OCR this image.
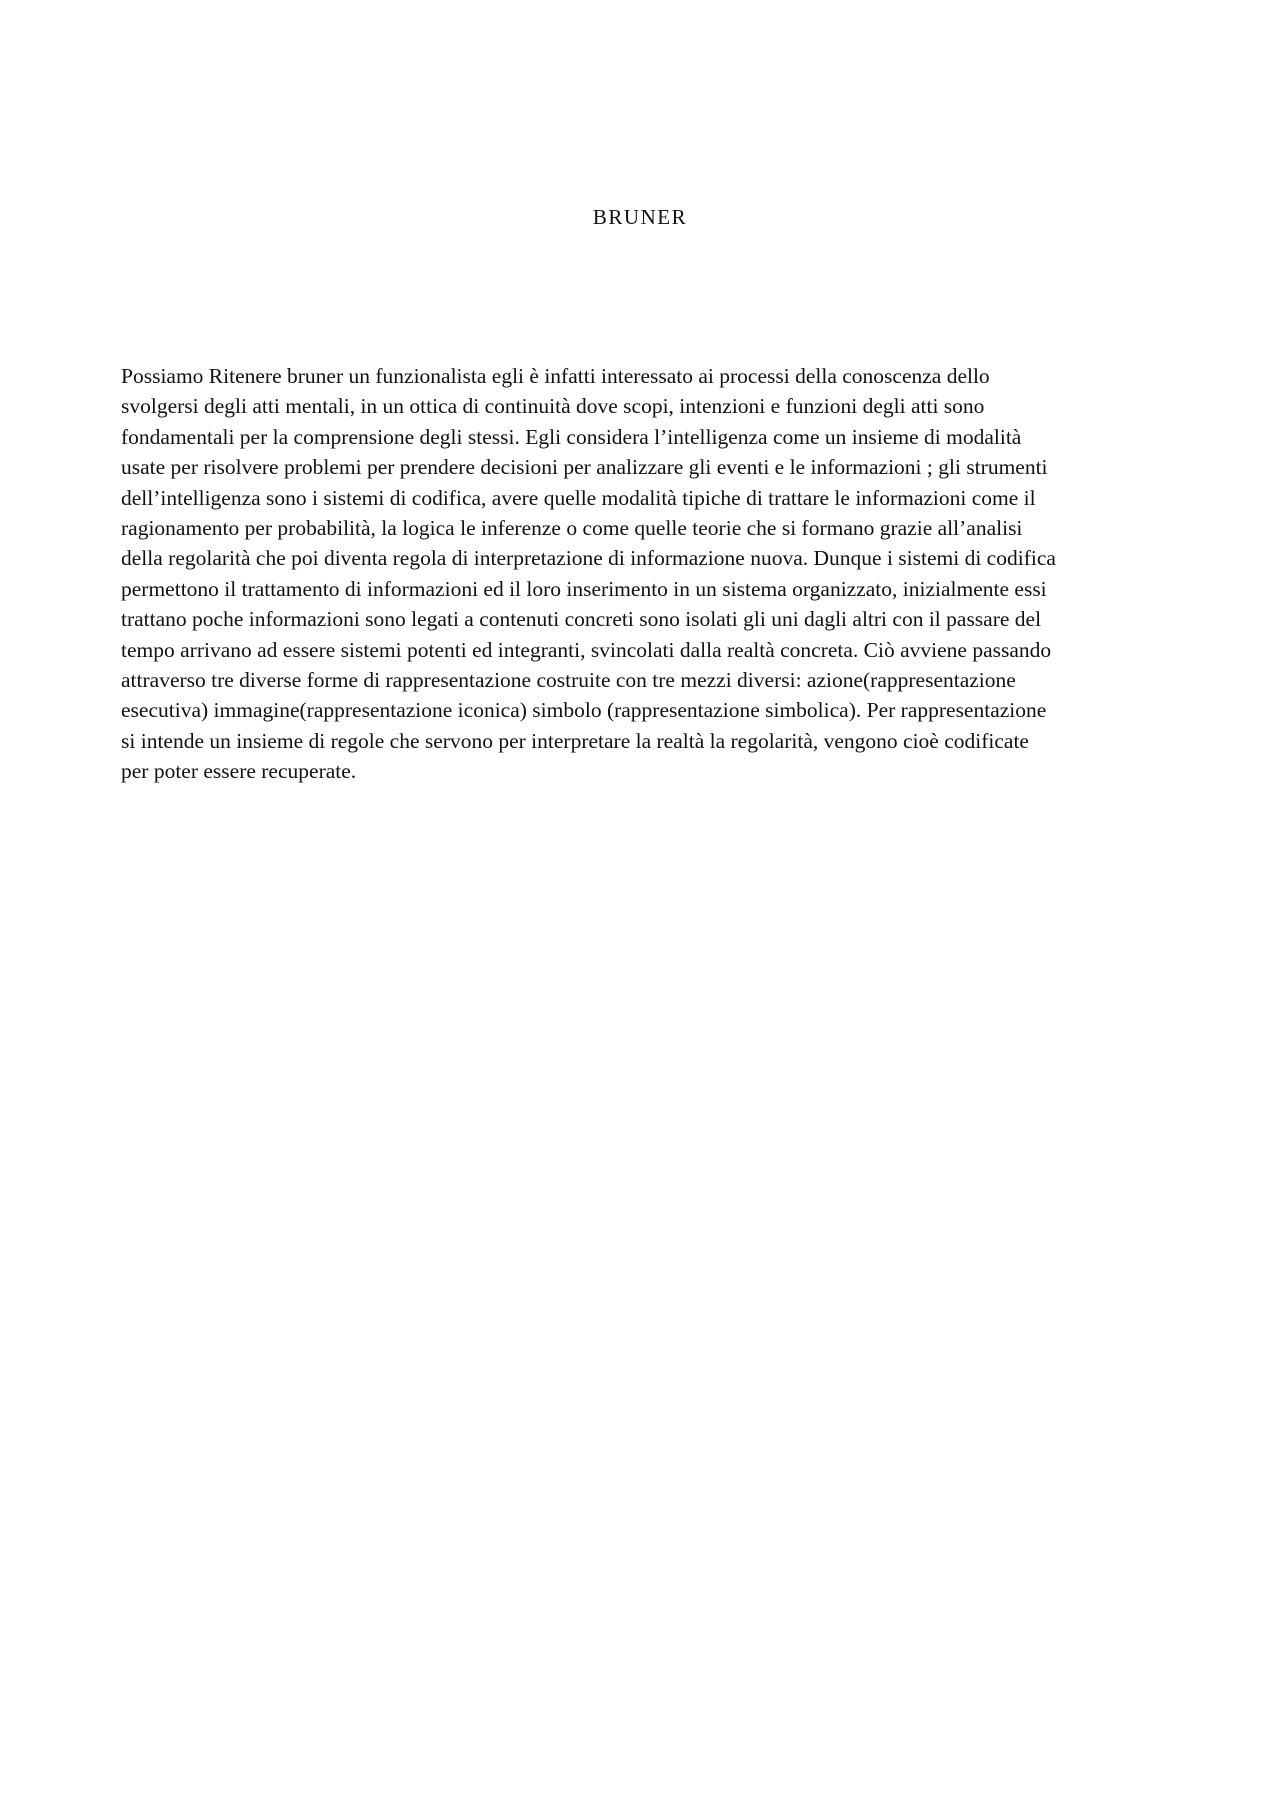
BRUNER

Possiamo Ritenere bruner un funzionalista egli è infatti interessato ai processi della conoscenza dello
svolgersi degli atti mentali, in un ottica di continuità dove scopi, intenzioni e funzioni degli atti sono
fondamentali per la comprensione degli stessi. Egli considera l’intelligenza come un insieme di modalità
usate per risolvere problemi per prendere decisioni per analizzare gli eventi e le informazioni ; gli strumenti
dell’intelligenza sono i sistemi di codifica, avere quelle modalità tipiche di trattare le informazioni come il
ragionamento per probabilità, la logica le inferenze o come quelle teorie che si formano grazie all’analisi
della regolarità che poi diventa regola di interpretazione di informazione nuova. Dunque i sistemi di codifica
permettono il trattamento di informazioni ed il loro inserimento in un sistema organizzato, inizialmente essi
trattano poche informazioni sono legati a contenuti concreti sono isolati gli uni dagli altri con il passare del
tempo arrivano ad essere sistemi potenti ed integranti, svincolati dalla realtà concreta. Ciò avviene passando
attraverso tre diverse forme di rappresentazione costruite con tre mezzi diversi: azione(rappresentazione
esecutiva) immagine(rappresentazione iconica) simbolo (rappresentazione simbolica). Per rappresentazione
si intende un insieme di regole che servono per interpretare la realtà la regolarità, vengono cioè codificate
per poter essere recuperate.
